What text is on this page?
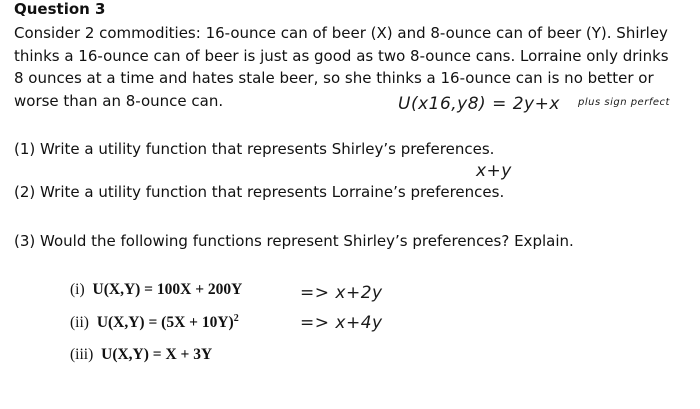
Question 3
Consider 2 commodities: 16-ounce can of beer (X) and 8-ounce can of beer (Y). Shirley
thinks a 16-ounce can of beer is just as good as two 8-ounce cans. Lorraine only drinks
8 ounces at a time and hates stale beer, so she thinks a 16-ounce can is no better or
worse than an 8-ounce can.	U(x16,y8) = 2y+x plus sign perfect
(1) Write a utility function that represents Shirley’s preferences.
x+y
(2) Write a utility function that represents Lorraine’s preferences.
(3) Would the following functions represent Shirley’s preferences? Explain.
(i) U(X,Y) = 100X + 200Y	=> x+2y
(ii) $U(X,Y) = (5X + 10Y)^2$	=> x+4y
(iii) U(X,Y) = X + 3Y
